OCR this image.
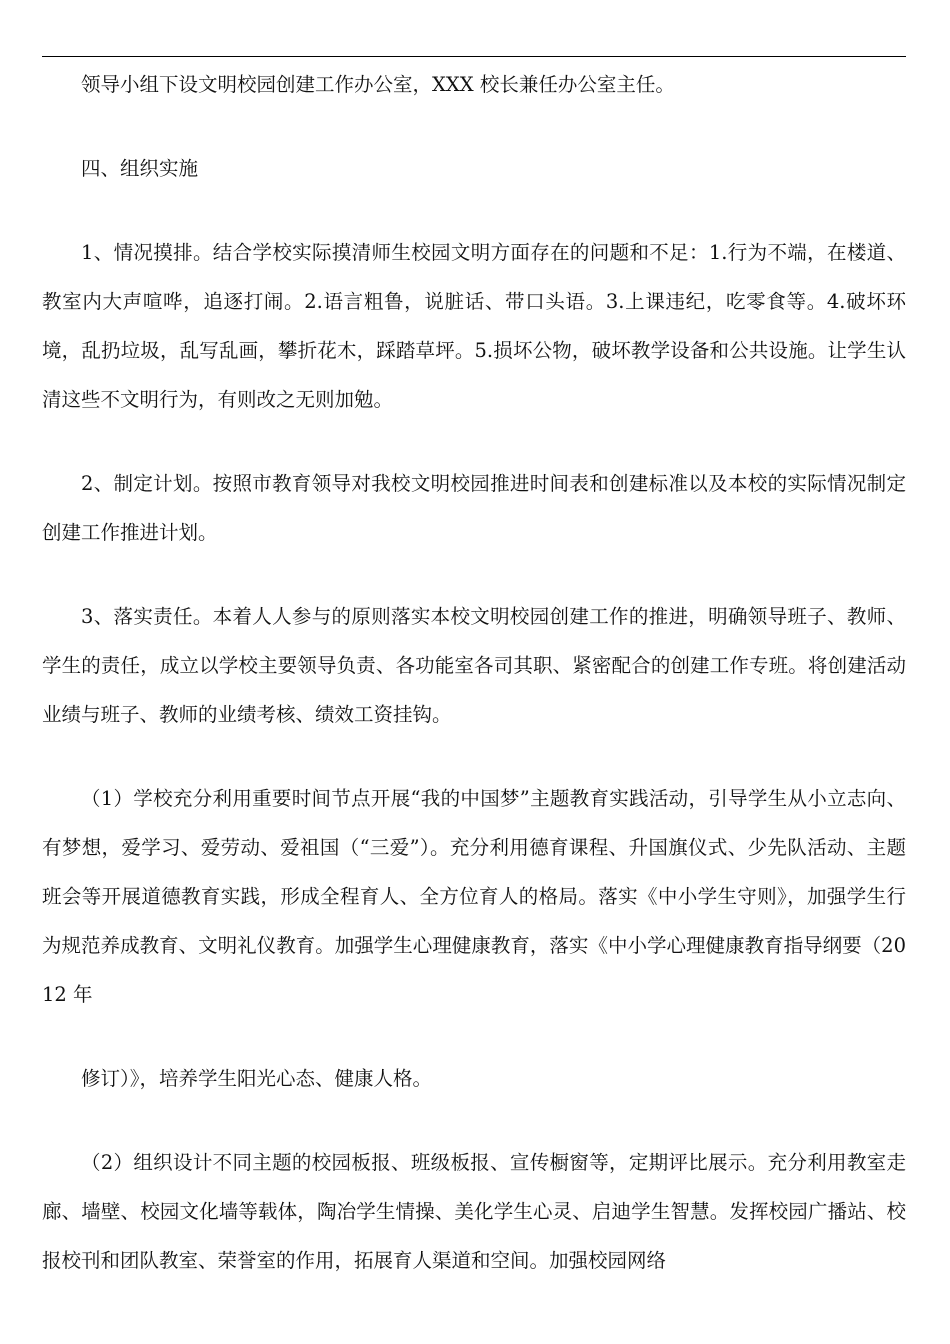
领导小组下设文明校园创建工作办公室，XXX 校长兼任办公室主任。

四、组织实施

1、情况摸排。结合学校实际摸清师生校园文明方面存在的问题和不足：1.行为不端，在楼道、教室内大声喧哗，追逐打闹。2.语言粗鲁，说脏话、带口头语。3.上课违纪，吃零食等。4.破坏环境，乱扔垃圾，乱写乱画，攀折花木，踩踏草坪。5.损坏公物，破坏教学设备和公共设施。让学生认清这些不文明行为，有则改之无则加勉。

2、制定计划。按照市教育领导对我校文明校园推进时间表和创建标准以及本校的实际情况制定创建工作推进计划。

3、落实责任。本着人人参与的原则落实本校文明校园创建工作的推进，明确领导班子、教师、学生的责任，成立以学校主要领导负责、各功能室各司其职、紧密配合的创建工作专班。将创建活动业绩与班子、教师的业绩考核、绩效工资挂钩。

（1）学校充分利用重要时间节点开展“我的中国梦”主题教育实践活动，引导学生从小立志向、有梦想，爱学习、爱劳动、爱祖国（“三爱”）。充分利用德育课程、升国旗仪式、少先队活动、主题班会等开展道德教育实践，形成全程育人、全方位育人的格局。落实《中小学生守则》，加强学生行为规范养成教育、文明礼仪教育。加强学生心理健康教育，落实《中小学心理健康教育指导纲要（2012 年

修订）》，培养学生阳光心态、健康人格。

（2）组织设计不同主题的校园板报、班级板报、宣传橱窗等，定期评比展示。充分利用教室走廊、墙壁、校园文化墙等载体，陶冶学生情操、美化学生心灵、启迪学生智慧。发挥校园广播站、校报校刊和团队教室、荣誉室的作用，拓展育人渠道和空间。加强校园网络
